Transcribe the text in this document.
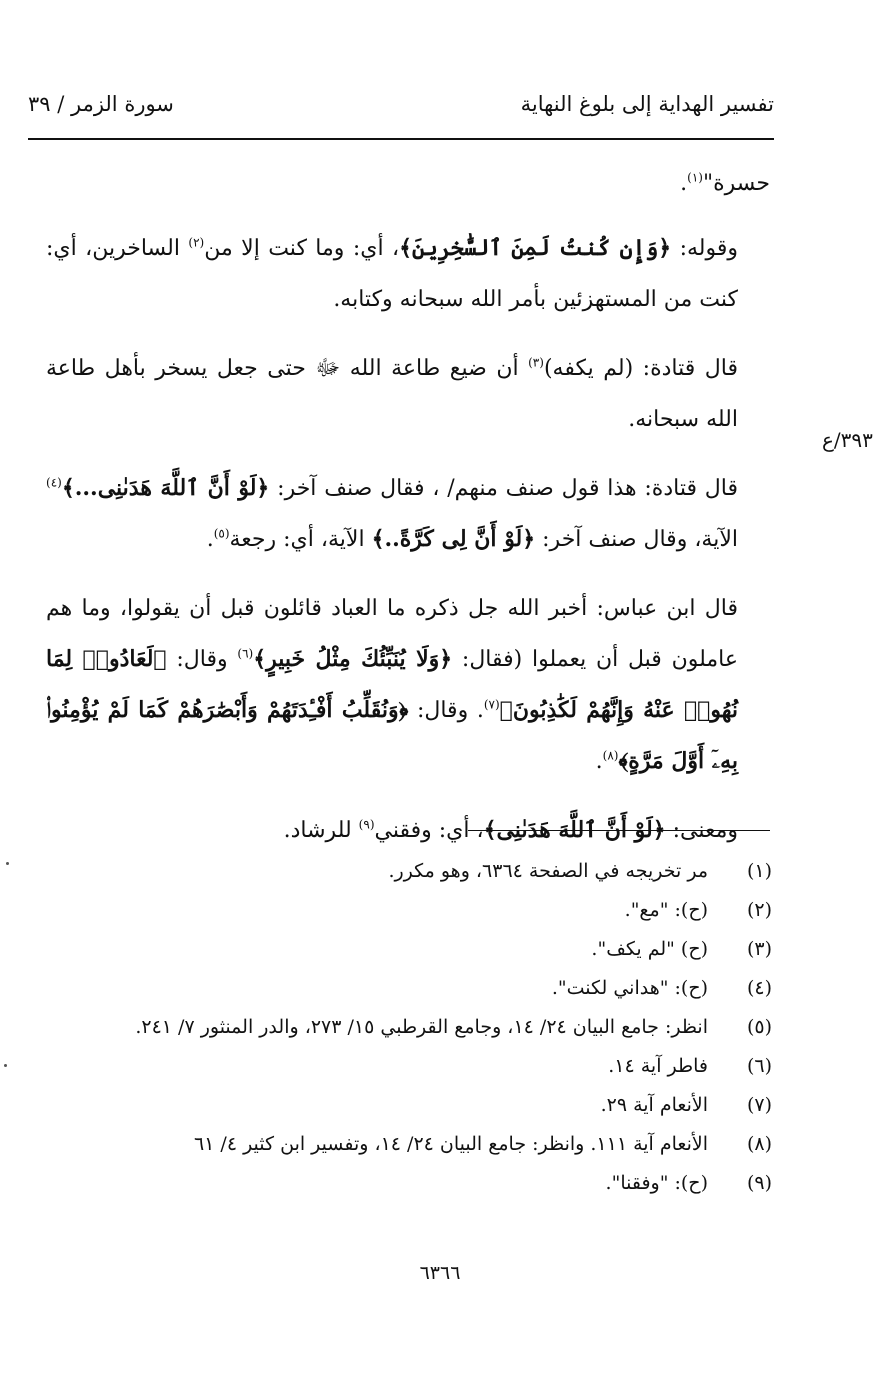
تفسير الهداية إلى بلوغ النهاية
سورة الزمر / ٣٩
٣٩٣/ع

حسرة"$^{(١)}$.

وقوله: ﴿وَإِن كُنتُ لَمِنَ ٱلسَّٰخِرِينَ﴾، أي: وما كنت إلا من$^{(٢)}$ الساخرين، أي: كنت من المستهزئين بأمر الله سبحانه وكتابه.

قال قتادة: (لم يكفه)$^{(٣)}$ أن ضيع طاعة الله ﷻ حتى جعل يسخر بأهل طاعة الله سبحانه.

قال قتادة: هذا قول صنف منهم/ ، فقال صنف آخر: ﴿لَوْ أَنَّ ٱللَّهَ هَدَىٰنِى...﴾$^{(٤)}$ الآية، وقال صنف آخر: ﴿لَوْ أَنَّ لِى كَرَّةً..﴾ الآية، أي: رجعة$^{(٥)}$.

قال ابن عباس: أخبر الله جل ذكره ما العباد قائلون قبل أن يقولوا، وما هم عاملون قبل أن يعملوا (فقال: ﴿وَلَا يُنَبِّئُكَ مِثْلُ خَبِيرٍ﴾$^{(٦)}$ وقال: ﴿لَعَادُوا۟ لِمَا نُهُوا۟ عَنْهُ وَإِنَّهُمْ لَكَٰذِبُونَ﴾$^{(٧)}$. وقال: ﴿وَنُقَلِّبُ أَفْـِٔدَتَهُمْ وَأَبْصَٰرَهُمْ كَمَا لَمْ يُؤْمِنُوا۟ بِهِۦٓ أَوَّلَ مَرَّةٍ﴾$^{(٨)}$.

ومعنى: ﴿لَوْ أَنَّ ٱللَّهَ هَدَىٰنِى﴾، أي: وفقني$^{(٩)}$ للرشاد.

(١)
مر تخريجه في الصفحة ٦٣٦٤، وهو مكرر.
(٢)
(ح): "مع".
(٣)
(ح) "لم يكف".
(٤)
(ح): "هداني لكنت".
(٥)
انظر: جامع البيان ٢٤/ ١٤، وجامع القرطبي ١٥/ ٢٧٣، والدر المنثور ٧/ ٢٤١.
(٦)
فاطر آية ١٤.
(٧)
الأنعام آية ٢٩.
(٨)
الأنعام آية ١١١. وانظر: جامع البيان ٢٤/ ١٤، وتفسير ابن كثير ٤/ ٦١
(٩)
(ح): "وفقنا".
٦٣٦٦
